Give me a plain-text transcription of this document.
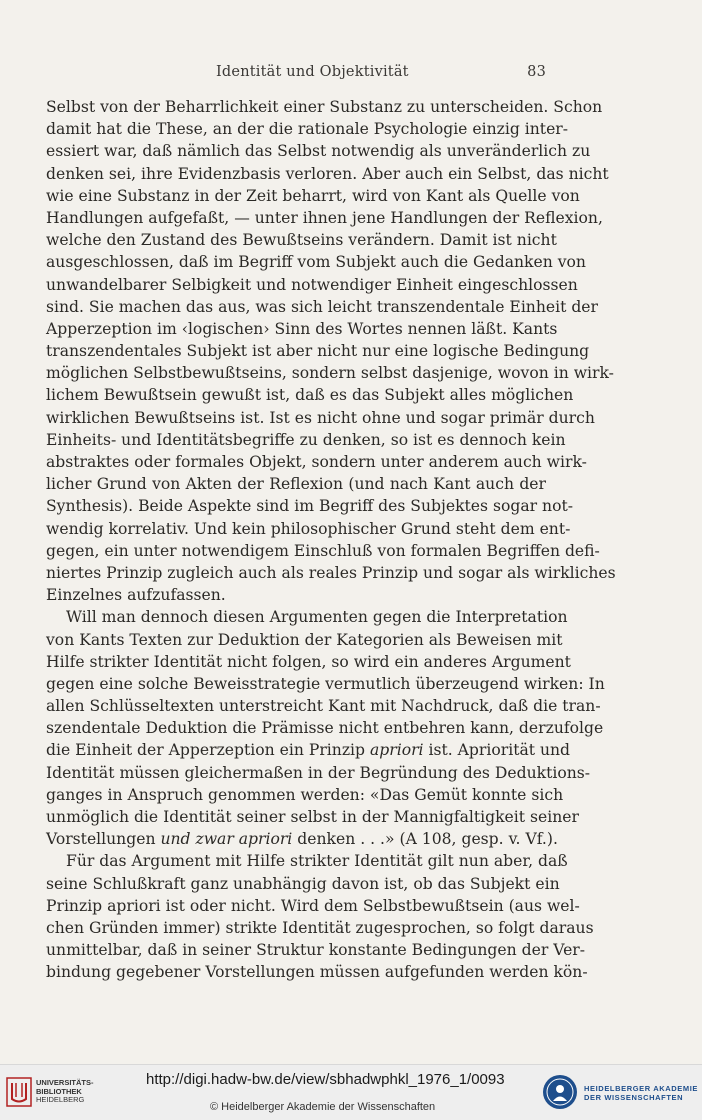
Identität und Objektivität	83
Selbst von der Beharrlichkeit einer Substanz zu unterscheiden. Schon
damit hat die These, an der die rationale Psychologie einzig inter-
essiert war, daß nämlich das Selbst notwendig als unveränderlich zu
denken sei, ihre Evidenzbasis verloren. Aber auch ein Selbst, das nicht
wie eine Substanz in der Zeit beharrt, wird von Kant als Quelle von
Handlungen aufgefaßt, — unter ihnen jene Handlungen der Reflexion,
welche den Zustand des Bewußtseins verändern. Damit ist nicht
ausgeschlossen, daß im Begriff vom Subjekt auch die Gedanken von
unwandelbarer Selbigkeit und notwendiger Einheit eingeschlossen
sind. Sie machen das aus, was sich leicht transzendentale Einheit der
Apperzeption im ‹logischen› Sinn des Wortes nennen läßt. Kants
transzendentales Subjekt ist aber nicht nur eine logische Bedingung
möglichen Selbstbewußtseins, sondern selbst dasjenige, wovon in wirk-
lichem Bewußtsein gewußt ist, daß es das Subjekt alles möglichen
wirklichen Bewußtseins ist. Ist es nicht ohne und sogar primär durch
Einheits- und Identitätsbegriffe zu denken, so ist es dennoch kein
abstraktes oder formales Objekt, sondern unter anderem auch wirk-
licher Grund von Akten der Reflexion (und nach Kant auch der
Synthesis). Beide Aspekte sind im Begriff des Subjektes sogar not-
wendig korrelativ. Und kein philosophischer Grund steht dem ent-
gegen, ein unter notwendigem Einschluß von formalen Begriffen defi-
niertes Prinzip zugleich auch als reales Prinzip und sogar als wirkliches
Einzelnes aufzufassen.
Will man dennoch diesen Argumenten gegen die Interpretation
von Kants Texten zur Deduktion der Kategorien als Beweisen mit
Hilfe strikter Identität nicht folgen, so wird ein anderes Argument
gegen eine solche Beweisstrategie vermutlich überzeugend wirken: In
allen Schlüsseltexten unterstreicht Kant mit Nachdruck, daß die tran-
szendentale Deduktion die Prämisse nicht entbehren kann, derzufolge
die Einheit der Apperzeption ein Prinzip apriori ist. Apriorität und
Identität müssen gleichermaßen in der Begründung des Deduktions-
ganges in Anspruch genommen werden: «Das Gemüt konnte sich
unmöglich die Identität seiner selbst in der Mannigfaltigkeit seiner
Vorstellungen und zwar apriori denken . . .» (A 108, gesp. v. Vf.).
Für das Argument mit Hilfe strikter Identität gilt nun aber, daß
seine Schlußkraft ganz unabhängig davon ist, ob das Subjekt ein
Prinzip apriori ist oder nicht. Wird dem Selbstbewußtsein (aus wel-
chen Gründen immer) strikte Identität zugesprochen, so folgt daraus
unmittelbar, daß in seiner Struktur konstante Bedingungen der Ver-
bindung gegebener Vorstellungen müssen aufgefunden werden kön-
UNIVERSITÄTS-
BIBLIOTHEK
HEIDELBERG
http://digi.hadw-bw.de/view/sbhadwphkl_1976_1/0093
© Heidelberger Akademie der Wissenschaften
HEIDELBERGER AKADEMIE
DER WISSENSCHAFTEN
